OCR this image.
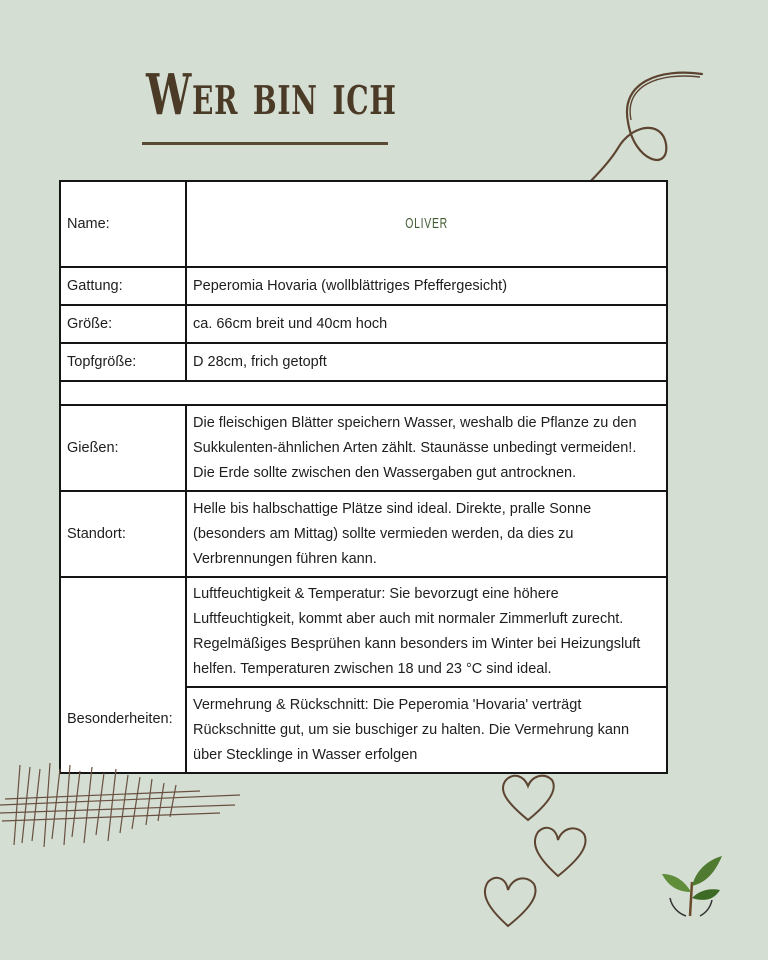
Wer bin ich
Name:	OLIVER
Gattung:	Peperomia Hovaria (wollblättriges Pfeffergesicht)
Größe:	ca. 66cm breit und 40cm hoch
Topfgröße:	D 28cm, frich getopft

Gießen:	Die fleischigen Blätter speichern Wasser, weshalb die Pflanze zu den Sukkulenten-ähnlichen Arten zählt. Staunässe unbedingt vermeiden!. Die Erde sollte zwischen den Wassergaben gut antrocknen.
Standort:	Helle bis halbschattige Plätze sind ideal. Direkte, pralle Sonne (besonders am Mittag) sollte vermieden werden, da dies zu Verbrennungen führen kann.
Besonderheiten:	Luftfeuchtigkeit & Temperatur: Sie bevorzugt eine höhere Luftfeuchtigkeit, kommt aber auch mit normaler Zimmerluft zurecht. Regelmäßiges Besprühen kann besonders im Winter bei Heizungsluft helfen. Temperaturen zwischen 18 und 23 °C sind ideal.
	Vermehrung & Rückschnitt: Die Peperomia 'Hovaria' verträgt Rückschnitte gut, um sie buschiger zu halten. Die Vermehrung kann über Stecklinge in Wasser erfolgen
